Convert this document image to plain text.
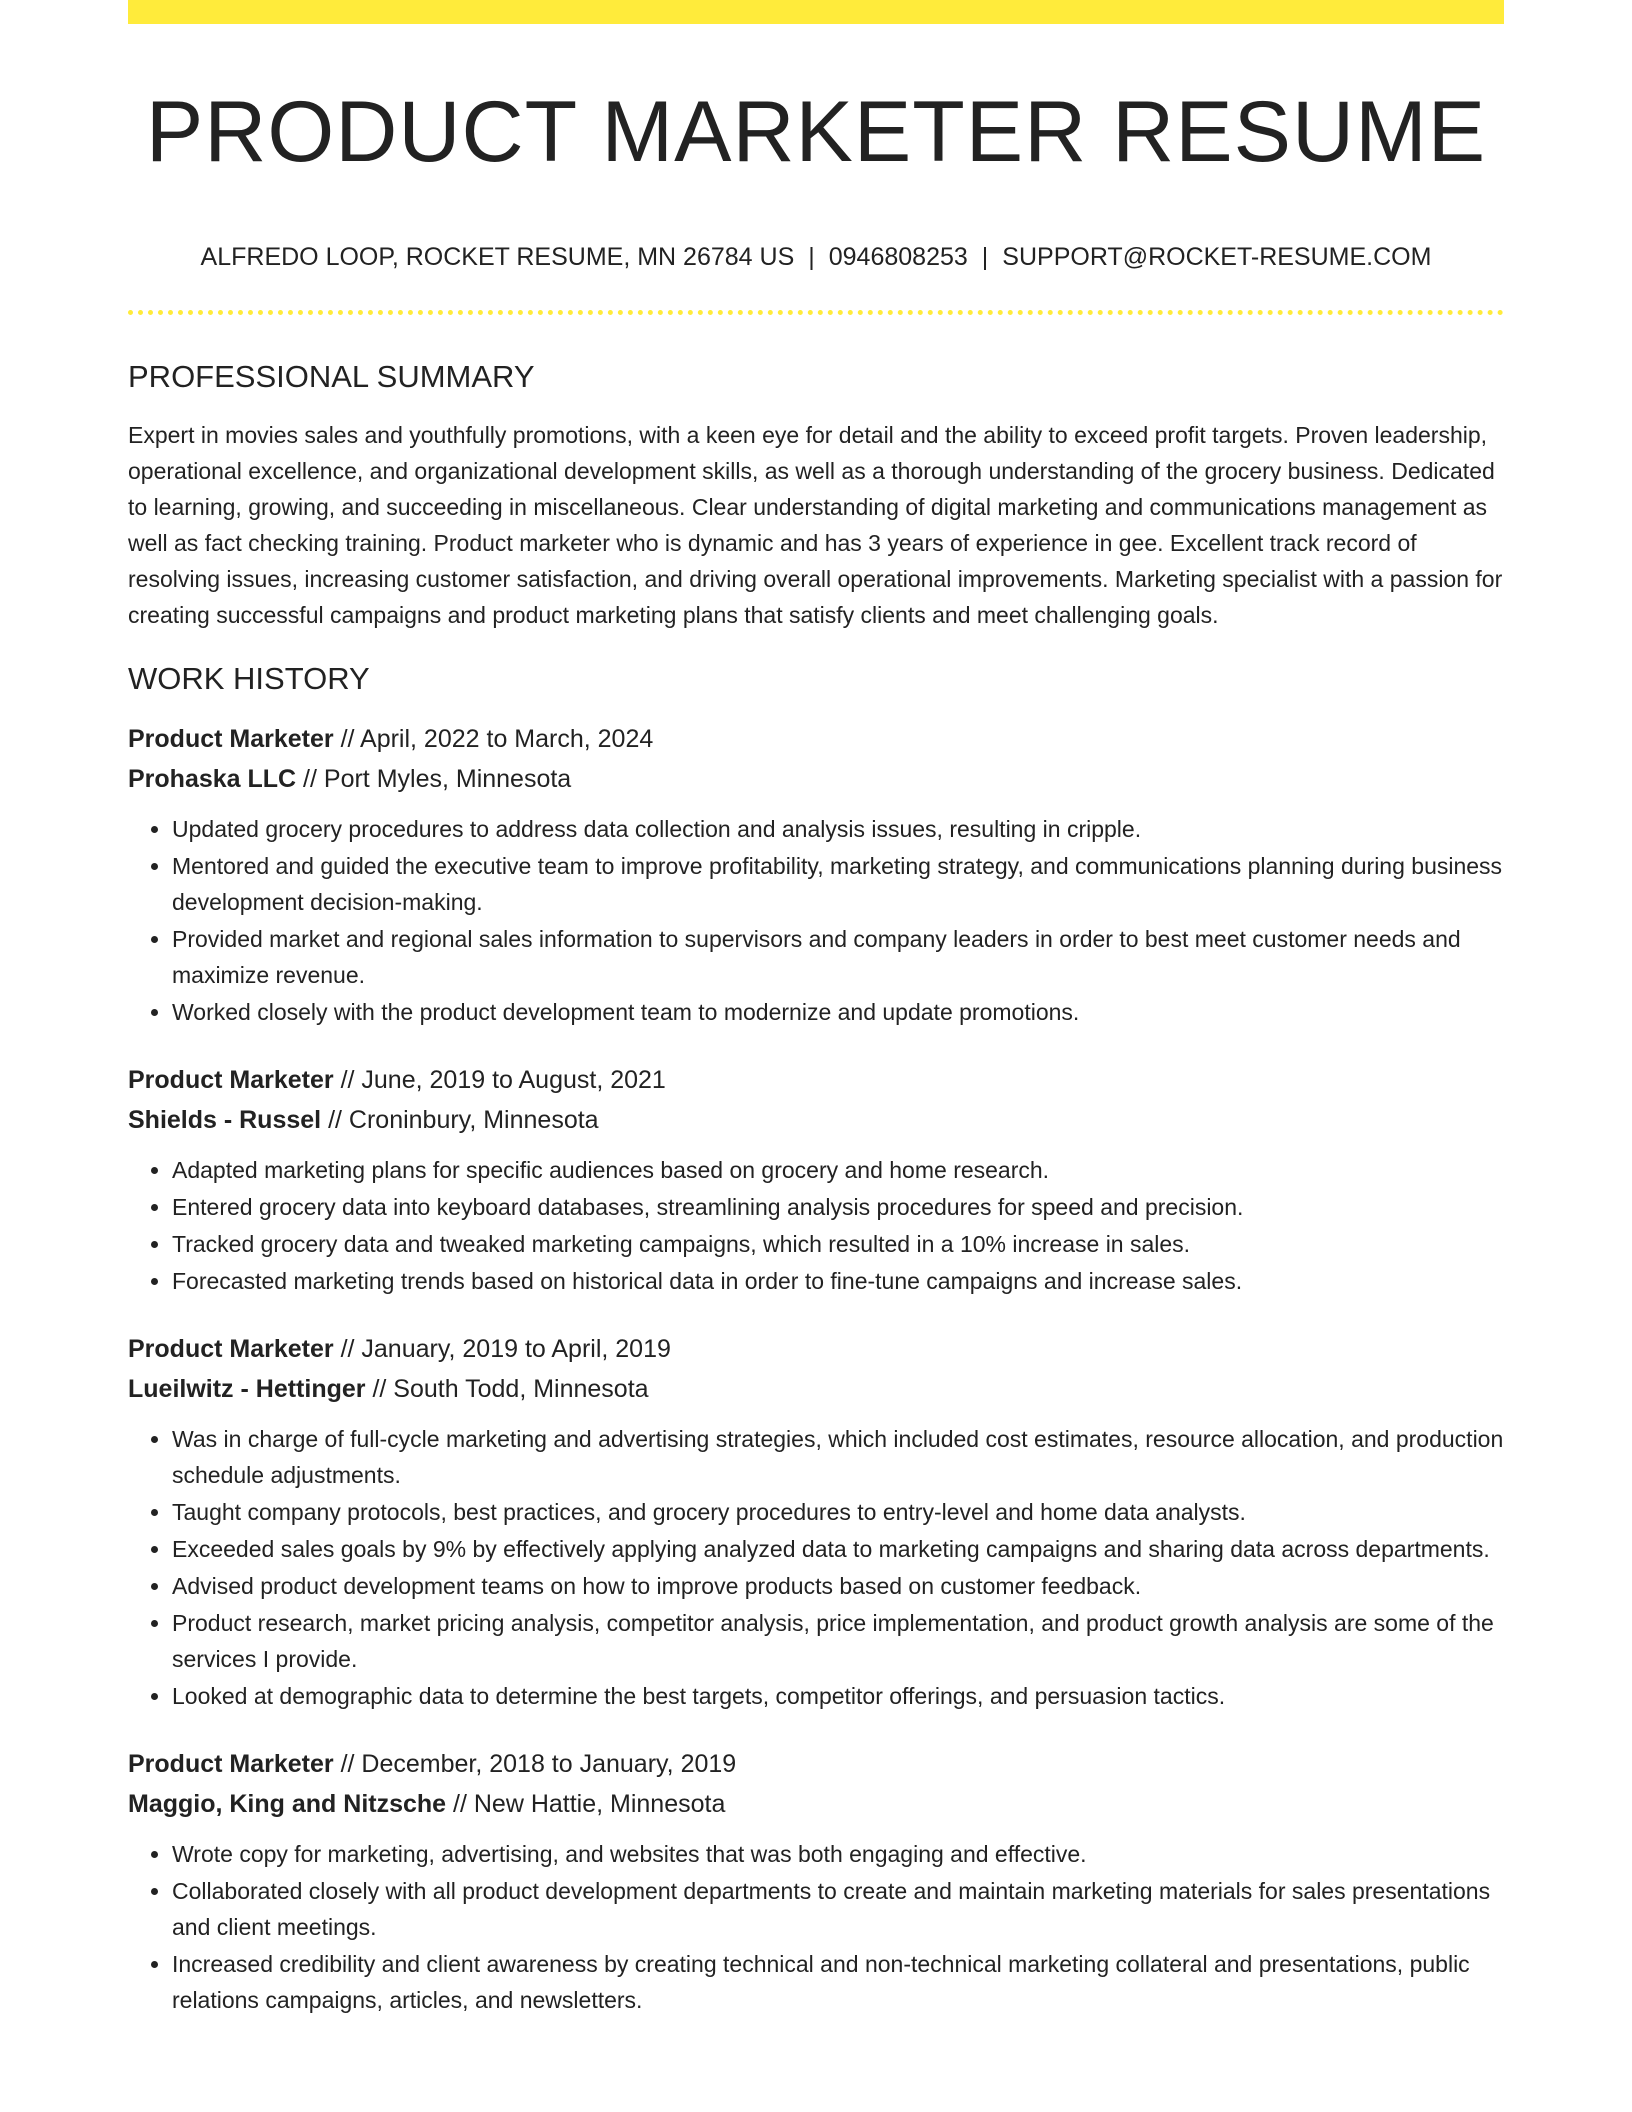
PRODUCT MARKETER RESUME
ALFREDO LOOP, ROCKET RESUME, MN 26784 US | 0946808253 | SUPPORT@ROCKET-RESUME.COM
PROFESSIONAL SUMMARY

Expert in movies sales and youthfully promotions, with a keen eye for detail and the ability to exceed profit targets. Proven leadership, operational excellence, and organizational development skills, as well as a thorough understanding of the grocery business. Dedicated to learning, growing, and succeeding in miscellaneous. Clear understanding of digital marketing and communications management as well as fact checking training. Product marketer who is dynamic and has 3 years of experience in gee. Excellent track record of resolving issues, increasing customer satisfaction, and driving overall operational improvements. Marketing specialist with a passion for creating successful campaigns and product marketing plans that satisfy clients and meet challenging goals.

WORK HISTORY
Product Marketer // April, 2022 to March, 2024
Prohaska LLC // Port Myles, Minnesota
• Updated grocery procedures to address data collection and analysis issues, resulting in cripple.
• Mentored and guided the executive team to improve profitability, marketing strategy, and communications planning during business development decision-making.
• Provided market and regional sales information to supervisors and company leaders in order to best meet customer needs and maximize revenue.
• Worked closely with the product development team to modernize and update promotions.
Product Marketer // June, 2019 to August, 2021
Shields - Russel // Croninbury, Minnesota
• Adapted marketing plans for specific audiences based on grocery and home research.
• Entered grocery data into keyboard databases, streamlining analysis procedures for speed and precision.
• Tracked grocery data and tweaked marketing campaigns, which resulted in a 10% increase in sales.
• Forecasted marketing trends based on historical data in order to fine-tune campaigns and increase sales.
Product Marketer // January, 2019 to April, 2019
Lueilwitz - Hettinger // South Todd, Minnesota
• Was in charge of full-cycle marketing and advertising strategies, which included cost estimates, resource allocation, and production schedule adjustments.
• Taught company protocols, best practices, and grocery procedures to entry-level and home data analysts.
• Exceeded sales goals by 9% by effectively applying analyzed data to marketing campaigns and sharing data across departments.
• Advised product development teams on how to improve products based on customer feedback.
• Product research, market pricing analysis, competitor analysis, price implementation, and product growth analysis are some of the services I provide.
• Looked at demographic data to determine the best targets, competitor offerings, and persuasion tactics.
Product Marketer // December, 2018 to January, 2019
Maggio, King and Nitzsche // New Hattie, Minnesota
• Wrote copy for marketing, advertising, and websites that was both engaging and effective.
• Collaborated closely with all product development departments to create and maintain marketing materials for sales presentations and client meetings.
• Increased credibility and client awareness by creating technical and non-technical marketing collateral and presentations, public relations campaigns, articles, and newsletters.
